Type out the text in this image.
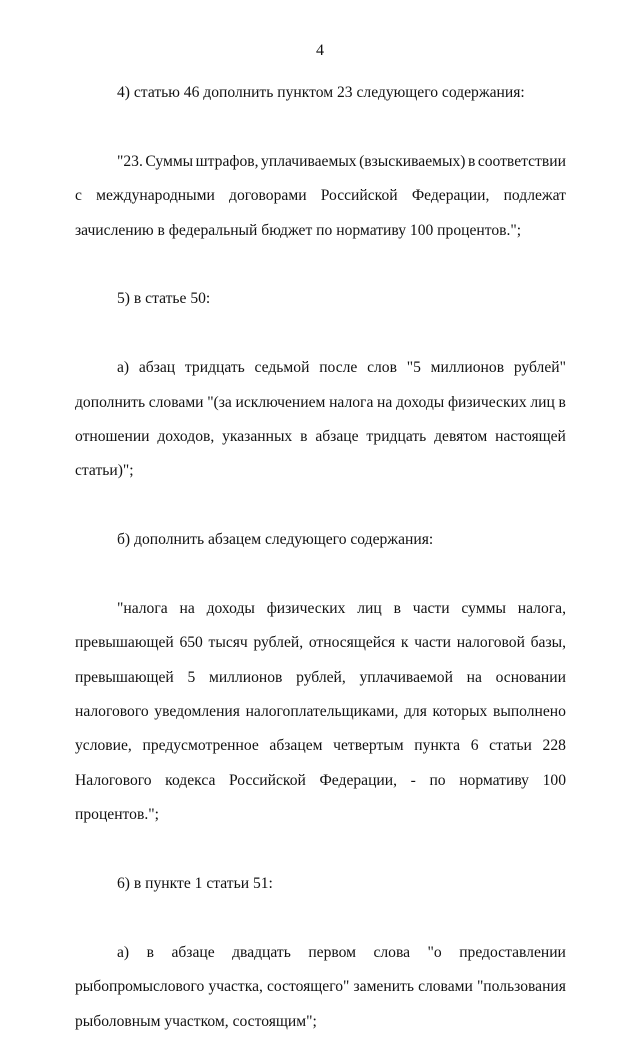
4
4) статью 46 дополнить пунктом 23 следующего содержания:
"23. Суммы штрафов, уплачиваемых (взыскиваемых) в соответствии
с международными договорами Российской Федерации, подлежат
зачислению в федеральный бюджет по нормативу 100 процентов.";
5) в статье 50:
а) абзац тридцать седьмой после слов "5 миллионов рублей"
дополнить словами "(за исключением налога на доходы физических лиц в
отношении доходов, указанных в абзаце тридцать девятом настоящей
статьи)";
б) дополнить абзацем следующего содержания:
"налога на доходы физических лиц в части суммы налога,
превышающей 650 тысяч рублей, относящейся к части налоговой базы,
превышающей 5 миллионов рублей, уплачиваемой на основании
налогового уведомления налогоплательщиками, для которых выполнено
условие, предусмотренное абзацем четвертым пункта 6 статьи 228
Налогового кодекса Российской Федерации, - по нормативу 100
процентов.";
6) в пункте 1 статьи 51:
а) в абзаце двадцать первом слова "о предоставлении
рыбопромыслового участка, состоящего" заменить словами "пользования
рыболовным участком, состоящим";
